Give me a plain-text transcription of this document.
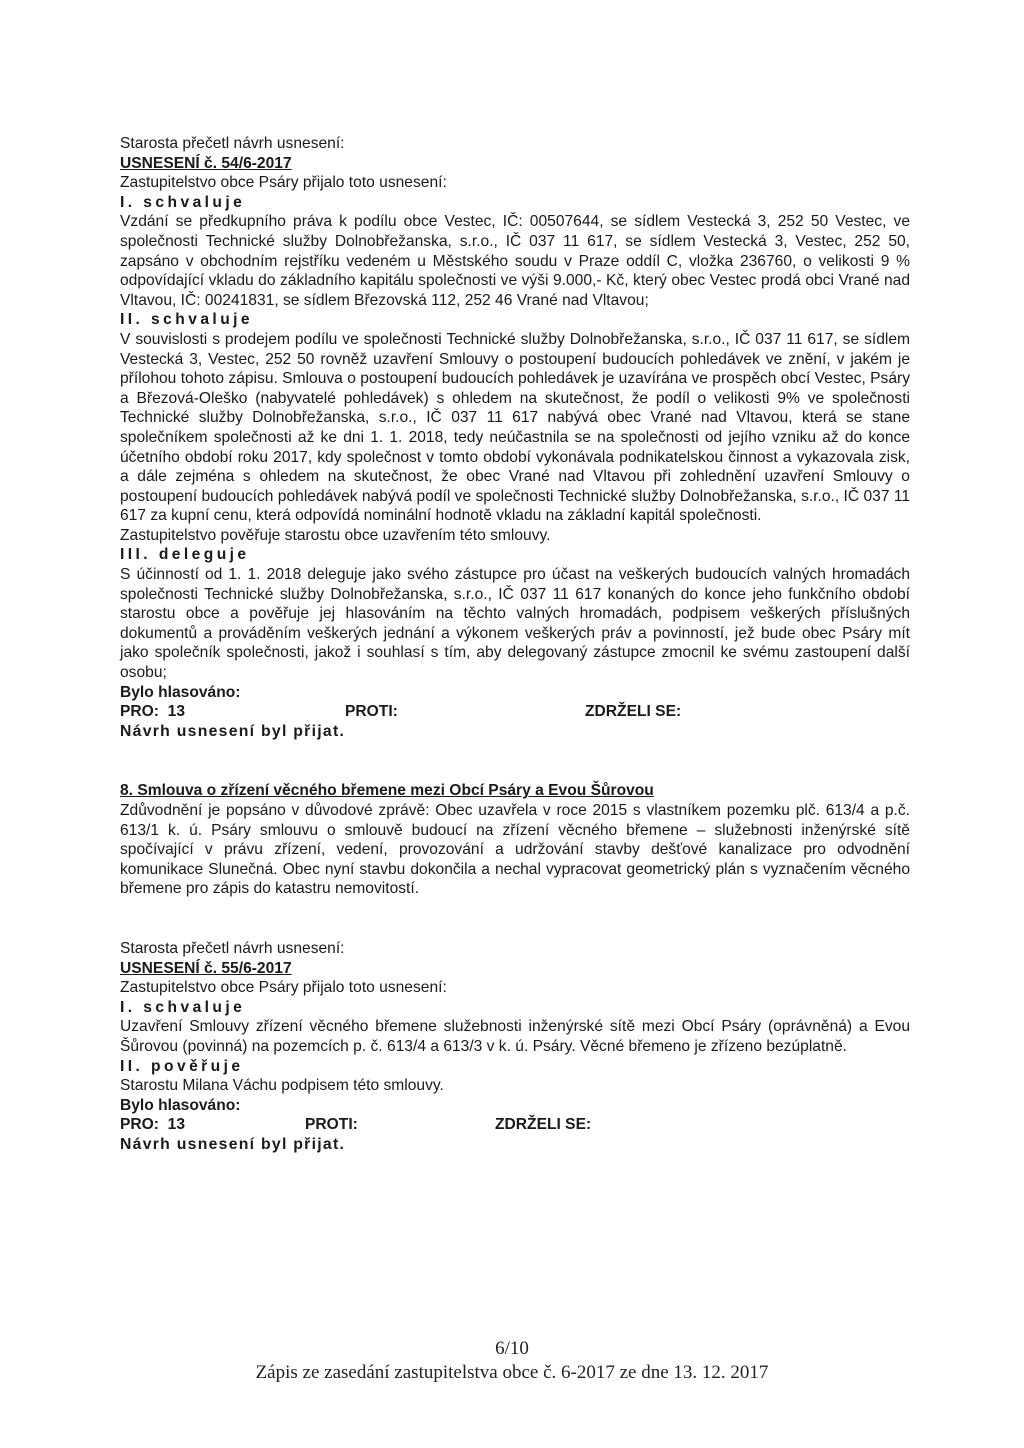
Starosta přečetl návrh usnesení:

USNESENÍ č. 54/6-2017

Zastupitelstvo obce Psáry přijalo toto usnesení:

I. schvaluje

Vzdání se předkupního práva k podílu obce Vestec, IČ: 00507644, se sídlem Vestecká 3, 252 50 Vestec, ve společnosti Technické služby Dolnobřežanska, s.r.o., IČ 037 11 617, se sídlem Vestecká 3, Vestec, 252 50, zapsáno v obchodním rejstříku vedeném u Městského soudu v Praze oddíl C, vložka 236760, o velikosti 9 % odpovídající vkladu do základního kapitálu společnosti ve výši 9.000,- Kč, který obec Vestec prodá obci Vrané nad Vltavou, IČ: 00241831, se sídlem Březovská 112, 252 46 Vrané nad Vltavou;

II. schvaluje

V souvislosti s prodejem podílu ve společnosti Technické služby Dolnobřežanska, s.r.o., IČ 037 11 617, se sídlem Vestecká 3, Vestec, 252 50 rovněž uzavření Smlouvy o postoupení budoucích pohledávek ve znění, v jakém je přílohou tohoto zápisu. Smlouva o postoupení budoucích pohledávek je uzavírána ve prospěch obcí Vestec, Psáry a Březová-Oleško (nabyvatelé pohledávek) s ohledem na skutečnost, že podíl o velikosti 9% ve společnosti Technické služby Dolnobřežanska, s.r.o., IČ 037 11 617 nabývá obec Vrané nad Vltavou, která se stane společníkem společnosti až ke dni 1. 1. 2018, tedy neúčastnila se na společnosti od jejího vzniku až do konce účetního období roku 2017, kdy společnost v tomto období vykonávala podnikatelskou činnost a vykazovala zisk, a dále zejména s ohledem na skutečnost, že obec Vrané nad Vltavou při zohlednění uzavření Smlouvy o postoupení budoucích pohledávek nabývá podíl ve společnosti Technické služby Dolnobřežanska, s.r.o., IČ 037 11 617 za kupní cenu, která odpovídá nominální hodnotě vkladu na základní kapitál společnosti.

Zastupitelstvo pověřuje starostu obce uzavřením této smlouvy.

III. deleguje

S účinností od 1. 1. 2018 deleguje jako svého zástupce pro účast na veškerých budoucích valných hromadách společnosti Technické služby Dolnobřežanska, s.r.o., IČ 037 11 617 konaných do konce jeho funkčního období starostu obce a pověřuje jej hlasováním na těchto valných hromadách, podpisem veškerých příslušných dokumentů a prováděním veškerých jednání a výkonem veškerých práv a povinností, jež bude obec Psáry mít jako společník společnosti, jakož i souhlasí s tím, aby delegovaný zástupce zmocnil ke svému zastoupení další osobu;

Bylo hlasováno:

PRO:  13	PROTI:	ZDRŽELI SE:

Návrh usnesení byl přijat.

8. Smlouva o zřízení věcného břemene mezi Obcí Psáry a Evou Šůrovou

Zdůvodnění je popsáno v důvodové zprávě: Obec uzavřela v roce 2015 s vlastníkem pozemku plč. 613/4 a p.č. 613/1 k. ú. Psáry smlouvu o smlouvě budoucí na zřízení věcného břemene – služebnosti inženýrské sítě spočívající v právu zřízení, vedení, provozování a udržování stavby dešťové kanalizace pro odvodnění komunikace Slunečná. Obec nyní stavbu dokončila a nechal vypracovat geometrický plán s vyznačením věcného břemene pro zápis do katastru nemovitostí.

Starosta přečetl návrh usnesení:

USNESENÍ č. 55/6-2017

Zastupitelstvo obce Psáry přijalo toto usnesení:

I. schvaluje

Uzavření Smlouvy zřízení věcného břemene služebnosti inženýrské sítě mezi Obcí Psáry (oprávněná) a Evou Šůrovou (povinná) na pozemcích p. č. 613/4 a 613/3 v k. ú. Psáry. Věcné břemeno je zřízeno bezúplatně.

II. pověřuje

Starostu Milana Váchu podpisem této smlouvy.

Bylo hlasováno:

PRO:  13	PROTI:	ZDRŽELI SE:

Návrh usnesení byl přijat.

6/10
Zápis ze zasedání zastupitelstva obce č. 6-2017 ze dne 13. 12. 2017
